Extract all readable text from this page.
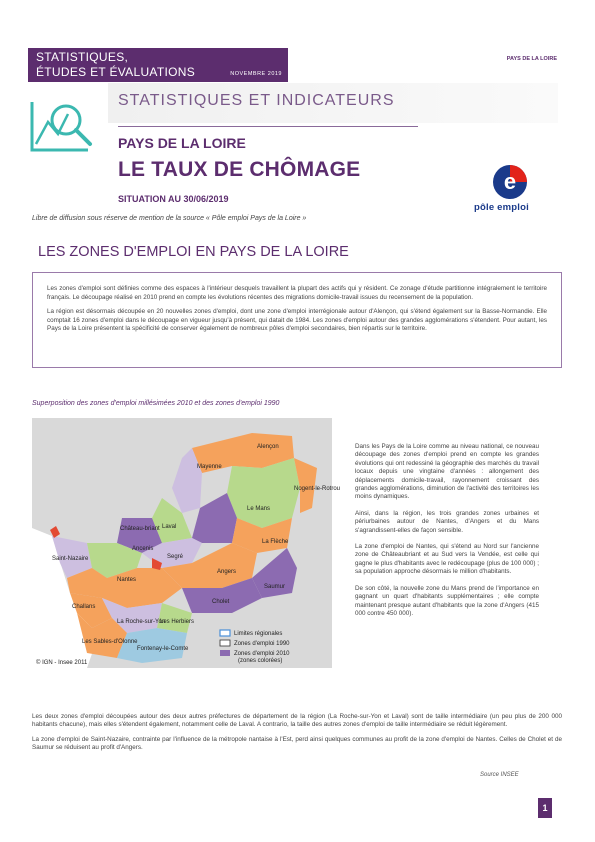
STATISTIQUES,
ÉTUDES ET ÉVALUATIONS	NOVEMBRE 2019
PAYS DE LA LOIRE
STATISTIQUES ET INDICATEURS
PAYS DE LA LOIRE
LE TAUX DE CHÔMAGE
SITUATION AU 30/06/2019
e
pôle emploi
Libre de diffusion sous réserve de mention de la source « Pôle emploi Pays de la Loire »
LES ZONES D'EMPLOI EN PAYS DE LA LOIRE

Les zones d'emploi sont définies comme des espaces à l'intérieur desquels travaillent la plupart des actifs qui y résident. Ce zonage d'étude partitionne intégralement le territoire français. Le découpage réalisé en 2010 prend en compte les évolutions récentes des migrations domicile-travail issues du recensement de la population.

La région est désormais découpée en 20 nouvelles zones d'emploi, dont une zone d'emploi interrégionale autour d'Alençon, qui s'étend également sur la Basse-Normandie. Elle comptait 16 zones d'emploi dans le découpage en vigueur jusqu'à présent, qui datait de 1984. Les zones d'emploi autour des grandes agglomérations s'étendent. Pour autant, les Pays de la Loire présentent la spécificité de conserver également de nombreux pôles d'emploi secondaires, bien répartis sur le territoire.

Superposition des zones d'emploi millésimées 2010 et des zones d'emploi 1990
Alençon
Mayenne
Laval
Le Mans
La Flèche
Nogent-le-Rotrou
Château-briant
Segré
Saint-Nazaire
Ancenis
Angers
Nantes
Cholet
Saumur
Challans
Les Herbiers
La Roche-sur-Yon
Les Sables-d'Olonne
Fontenay-le-Comte
Limites régionales
Zones d'emploi 1990
Zones d'emploi 2010
(zones colorées)
© IGN - Insee 2011

Dans les Pays de la Loire comme au niveau national, ce nouveau découpage des zones d'emploi prend en compte les grandes évolutions qui ont redessiné la géographie des marchés du travail locaux depuis une vingtaine d'années : allongement des déplacements domicile-travail, rayonnement croissant des grandes agglomérations, diminution de l'activité des territoires les moins dynamiques.

Ainsi, dans la région, les trois grandes zones urbaines et périurbaines autour de Nantes, d'Angers et du Mans s'agrandissent-elles de façon sensible.

La zone d'emploi de Nantes, qui s'étend au Nord sur l'ancienne zone de Châteaubriant et au Sud vers la Vendée, est celle qui gagne le plus d'habitants avec le redécoupage (plus de 100 000) ; sa population approche désormais le million d'habitants.

De son côté, la nouvelle zone du Mans prend de l'importance en gagnant un quart d'habitants supplémentaires ; elle compte maintenant presque autant d'habitants que la zone d'Angers (415 000 contre 450 000).

Les deux zones d'emploi découpées autour des deux autres préfectures de département de la région (La Roche-sur-Yon et Laval) sont de taille intermédiaire (un peu plus de 200 000 habitants chacune), mais elles s'étendent également, notamment celle de Laval. A contrario, la taille des autres zones d'emploi de taille intermédiaire se réduit légèrement.

La zone d'emploi de Saint-Nazaire, contrainte par l'influence de la métropole nantaise à l'Est, perd ainsi quelques communes au profit de la zone d'emploi de Nantes. Celles de Cholet et de Saumur se réduisent au profit d'Angers.

Source INSEE
1
